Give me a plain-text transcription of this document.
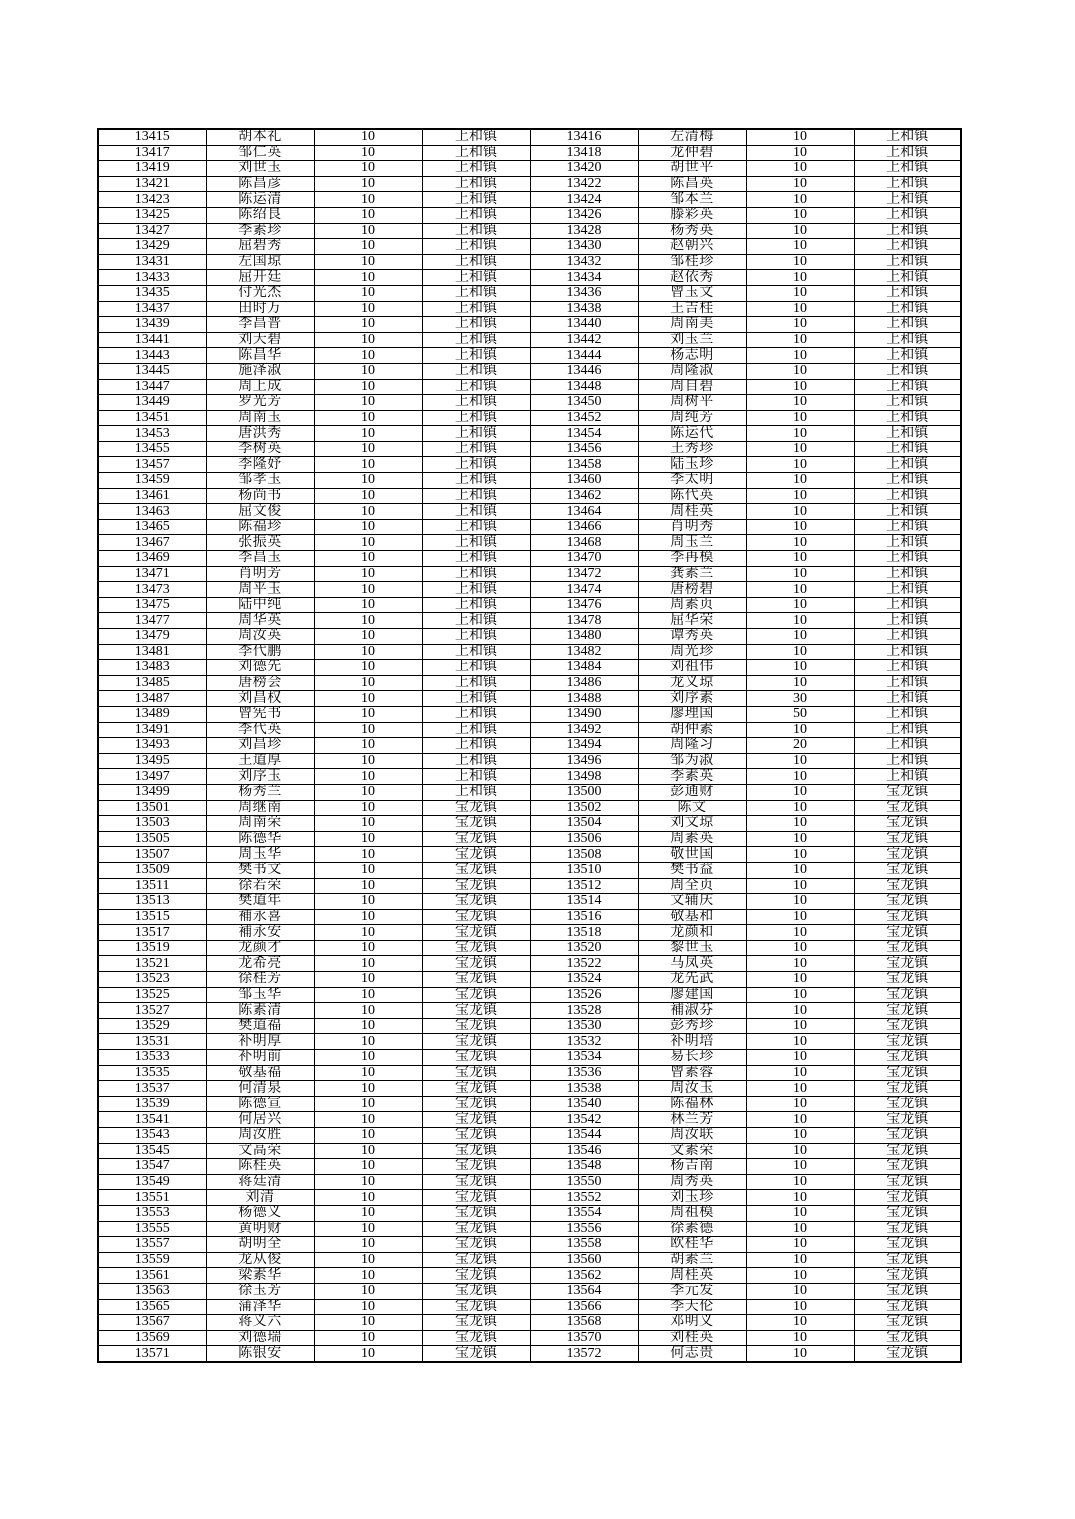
13415	胡本礼	10	上和镇	13416	左清梅	10	上和镇
13417	邹仁英	10	上和镇	13418	龙仲碧	10	上和镇
13419	刘世玉	10	上和镇	13420	胡世平	10	上和镇
13421	陈昌彦	10	上和镇	13422	陈昌英	10	上和镇
13423	陈运清	10	上和镇	13424	邹本兰	10	上和镇
13425	陈绍良	10	上和镇	13426	滕彩英	10	上和镇
13427	李素珍	10	上和镇	13428	杨秀英	10	上和镇
13429	屈碧秀	10	上和镇	13430	赵朝兴	10	上和镇
13431	左国琼	10	上和镇	13432	邹桂珍	10	上和镇
13433	屈开廷	10	上和镇	13434	赵依秀	10	上和镇
13435	付光杰	10	上和镇	13436	曾玉文	10	上和镇
13437	田时万	10	上和镇	13438	王吉桂	10	上和镇
13439	李昌普	10	上和镇	13440	周南美	10	上和镇
13441	刘天碧	10	上和镇	13442	刘玉兰	10	上和镇
13443	陈昌华	10	上和镇	13444	杨志明	10	上和镇
13445	施泽淑	10	上和镇	13446	周隆淑	10	上和镇
13447	周上成	10	上和镇	13448	周自碧	10	上和镇
13449	罗光芳	10	上和镇	13450	周树平	10	上和镇
13451	周南玉	10	上和镇	13452	周纯芳	10	上和镇
13453	唐洪秀	10	上和镇	13454	陈运代	10	上和镇
13455	李树英	10	上和镇	13456	王秀珍	10	上和镇
13457	李隆妤	10	上和镇	13458	陆玉珍	10	上和镇
13459	邹孝玉	10	上和镇	13460	李太明	10	上和镇
13461	杨尚书	10	上和镇	13462	陈代英	10	上和镇
13463	屈文俊	10	上和镇	13464	周桂英	10	上和镇
13465	陈福珍	10	上和镇	13466	肖明秀	10	上和镇
13467	张振英	10	上和镇	13468	周玉兰	10	上和镇
13469	李昌玉	10	上和镇	13470	李再模	10	上和镇
13471	肖明芳	10	上和镇	13472	龚素兰	10	上和镇
13473	周平玉	10	上和镇	13474	唐榜碧	10	上和镇
13475	陆中纯	10	上和镇	13476	周素贞	10	上和镇
13477	周华英	10	上和镇	13478	屈华荣	10	上和镇
13479	周汝英	10	上和镇	13480	谭秀英	10	上和镇
13481	李代鹏	10	上和镇	13482	周光珍	10	上和镇
13483	刘德先	10	上和镇	13484	刘祖伟	10	上和镇
13485	唐榜会	10	上和镇	13486	龙义琼	10	上和镇
13487	刘昌权	10	上和镇	13488	刘序素	30	上和镇
13489	曾宪书	10	上和镇	13490	廖理国	50	上和镇
13491	李代英	10	上和镇	13492	胡仲素	10	上和镇
13493	刘昌珍	10	上和镇	13494	周隆习	20	上和镇
13495	王道厚	10	上和镇	13496	邹为淑	10	上和镇
13497	刘序玉	10	上和镇	13498	李素英	10	上和镇
13499	杨秀兰	10	上和镇	13500	彭通财	10	宝龙镇
13501	周继南	10	宝龙镇	13502	陈文	10	宝龙镇
13503	周南荣	10	宝龙镇	13504	刘文琼	10	宝龙镇
13505	陈德华	10	宝龙镇	13506	周素英	10	宝龙镇
13507	周玉华	10	宝龙镇	13508	敬世国	10	宝龙镇
13509	樊书文	10	宝龙镇	13510	樊书益	10	宝龙镇
13511	徐若荣	10	宝龙镇	13512	周全贞	10	宝龙镇
13513	樊道年	10	宝龙镇	13514	文辅庆	10	宝龙镇
13515	補永喜	10	宝龙镇	13516	敬基和	10	宝龙镇
13517	補永安	10	宝龙镇	13518	龙颜和	10	宝龙镇
13519	龙颜才	10	宝龙镇	13520	黎世玉	10	宝龙镇
13521	龙希亮	10	宝龙镇	13522	马凤英	10	宝龙镇
13523	徐桂芳	10	宝龙镇	13524	龙先武	10	宝龙镇
13525	邹玉华	10	宝龙镇	13526	廖建国	10	宝龙镇
13527	陈素清	10	宝龙镇	13528	補淑芬	10	宝龙镇
13529	樊道福	10	宝龙镇	13530	彭秀珍	10	宝龙镇
13531	补明厚	10	宝龙镇	13532	补明培	10	宝龙镇
13533	补明前	10	宝龙镇	13534	易长珍	10	宝龙镇
13535	敬基福	10	宝龙镇	13536	曾素蓉	10	宝龙镇
13537	何清泉	10	宝龙镇	13538	周汝玉	10	宝龙镇
13539	陈德宣	10	宝龙镇	13540	陈福林	10	宝龙镇
13541	何居兴	10	宝龙镇	13542	林兰芳	10	宝龙镇
13543	周汝胜	10	宝龙镇	13544	周汝联	10	宝龙镇
13545	文高荣	10	宝龙镇	13546	文素荣	10	宝龙镇
13547	陈桂英	10	宝龙镇	13548	杨吉南	10	宝龙镇
13549	蒋廷清	10	宝龙镇	13550	周秀英	10	宝龙镇
13551	刘清	10	宝龙镇	13552	刘玉珍	10	宝龙镇
13553	杨德义	10	宝龙镇	13554	周祖模	10	宝龙镇
13555	黄明财	10	宝龙镇	13556	徐素德	10	宝龙镇
13557	胡明全	10	宝龙镇	13558	欧桂华	10	宝龙镇
13559	龙从俊	10	宝龙镇	13560	胡素兰	10	宝龙镇
13561	梁素华	10	宝龙镇	13562	周桂英	10	宝龙镇
13563	徐玉芳	10	宝龙镇	13564	李元发	10	宝龙镇
13565	蒲泽华	10	宝龙镇	13566	李天伦	10	宝龙镇
13567	蒋义六	10	宝龙镇	13568	邓明义	10	宝龙镇
13569	刘德瑞	10	宝龙镇	13570	刘桂英	10	宝龙镇
13571	陈银安	10	宝龙镇	13572	何志贵	10	宝龙镇
